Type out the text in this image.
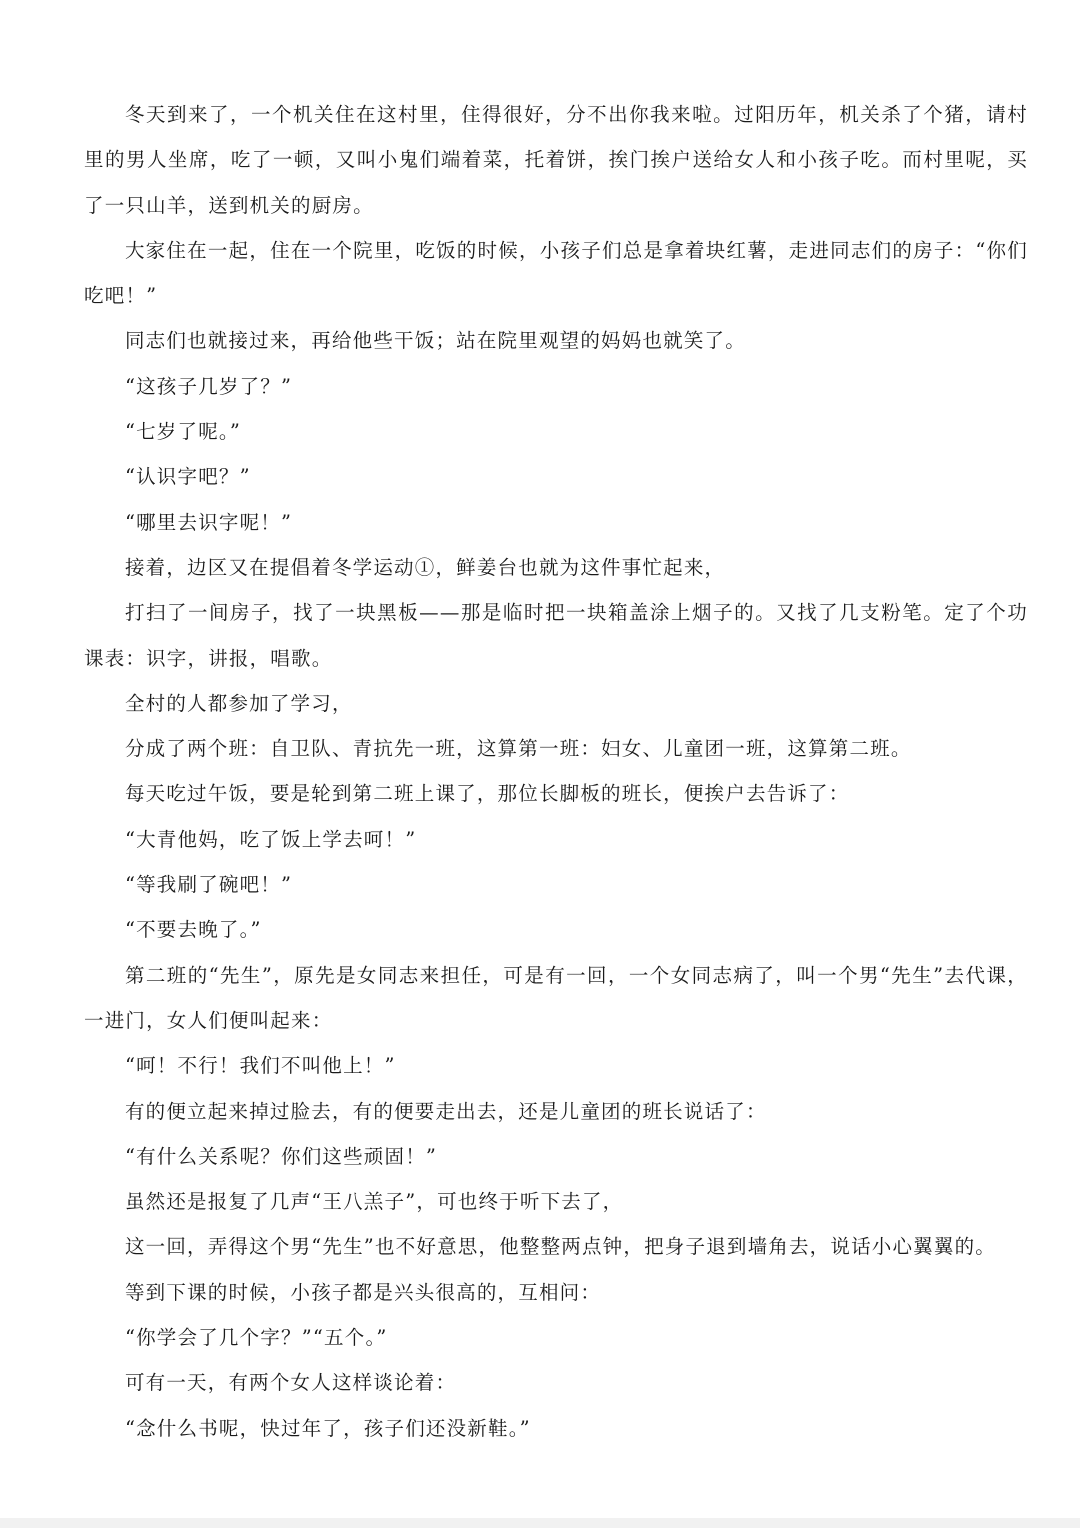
冬天到来了，一个机关住在这村里，住得很好，分不出你我来啦。过阳历年，机关杀了个猪，请村里的男人坐席，吃了一顿，又叫小鬼们端着菜，托着饼，挨门挨户送给女人和小孩子吃。而村里呢，买了一只山羊，送到机关的厨房。

大家住在一起，住在一个院里，吃饭的时候，小孩子们总是拿着块红薯，走进同志们的房子：“你们吃吧！”

同志们也就接过来，再给他些干饭；站在院里观望的妈妈也就笑了。

“这孩子几岁了？”

“七岁了呢。”

“认识字吧？”

“哪里去识字呢！”

接着，边区又在提倡着冬学运动①，鲜姜台也就为这件事忙起来，

打扫了一间房子，找了一块黑板——那是临时把一块箱盖涂上烟子的。又找了几支粉笔。定了个功课表：识字，讲报，唱歌。

全村的人都参加了学习，

分成了两个班：自卫队、青抗先一班，这算第一班：妇女、儿童团一班，这算第二班。

每天吃过午饭，要是轮到第二班上课了，那位长脚板的班长，便挨户去告诉了：

“大青他妈，吃了饭上学去呵！”

“等我刷了碗吧！”

“不要去晚了。”

第二班的“先生”，原先是女同志来担任，可是有一回，一个女同志病了，叫一个男“先生”去代课，一进门，女人们便叫起来：

“呵！不行！我们不叫他上！”

有的便立起来掉过脸去，有的便要走出去，还是儿童团的班长说话了：

“有什么关系呢？你们这些顽固！”

虽然还是报复了几声“王八羔子”，可也终于听下去了，

这一回，弄得这个男“先生”也不好意思，他整整两点钟，把身子退到墙角去，说话小心翼翼的。

等到下课的时候，小孩子都是兴头很高的，互相问：

“你学会了几个字？”“五个。”

可有一天，有两个女人这样谈论着：

“念什么书呢，快过年了，孩子们还没新鞋。”
